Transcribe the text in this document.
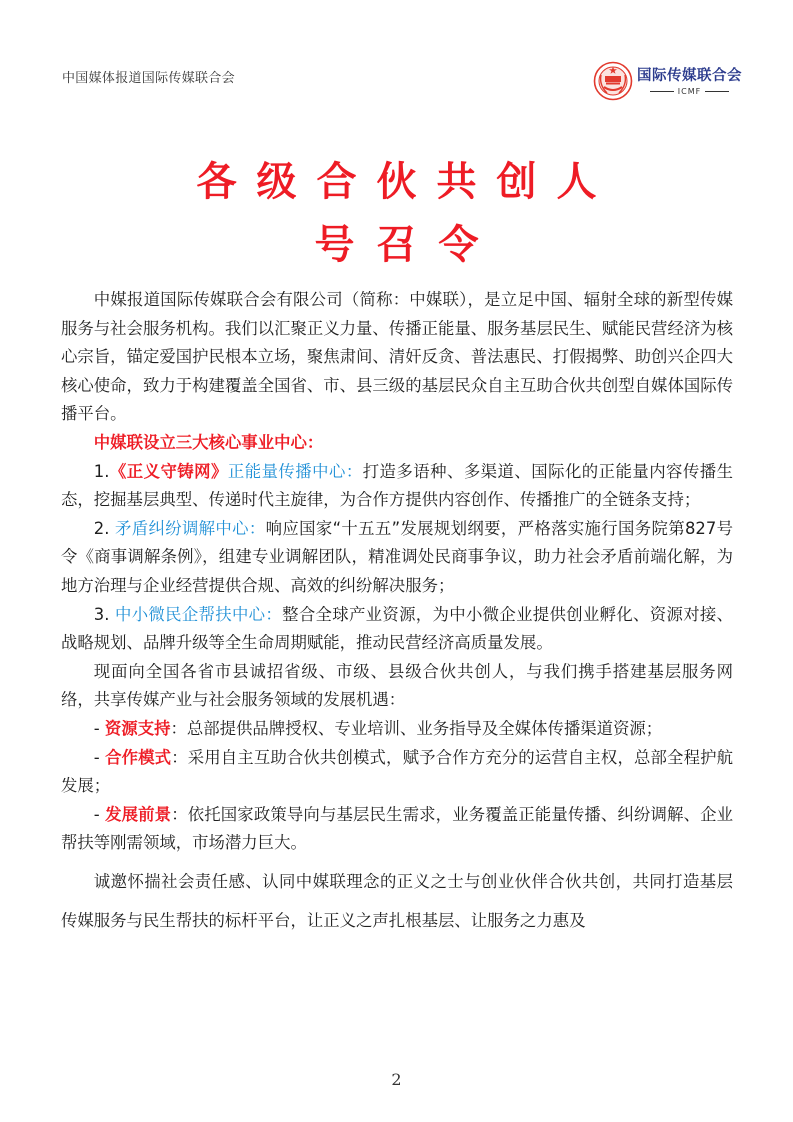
中国媒体报道国际传媒联合会	国际传媒联合会
ICMF
各级合伙共创人
号召令

中媒报道国际传媒联合会有限公司（简称：中媒联），是立足中国、辐射全球的新型传媒服务与社会服务机构。我们以汇聚正义力量、传播正能量、服务基层民生、赋能民营经济为核心宗旨，锚定爱国护民根本立场，聚焦肃间、清奸反贪、普法惠民、打假揭弊、助创兴企四大核心使命，致力于构建覆盖全国省、市、县三级的基层民众自主互助合伙共创型自媒体国际传播平台。

中媒联设立三大核心事业中心：

1.《正义守铸网》正能量传播中心：打造多语种、多渠道、国际化的正能量内容传播生态，挖掘基层典型、传递时代主旋律，为合作方提供内容创作、传播推广的全链条支持；

2. 矛盾纠纷调解中心：响应国家“十五五”发展规划纲要，严格落实施行国务院第827号令《商事调解条例》，组建专业调解团队，精准调处民商事争议，助力社会矛盾前端化解，为地方治理与企业经营提供合规、高效的纠纷解决服务；

3. 中小微民企帮扶中心：整合全球产业资源，为中小微企业提供创业孵化、资源对接、战略规划、品牌升级等全生命周期赋能，推动民营经济高质量发展。

现面向全国各省市县诚招省级、市级、县级合伙共创人，与我们携手搭建基层服务网络，共享传媒产业与社会服务领域的发展机遇：

- 资源支持：总部提供品牌授权、专业培训、业务指导及全媒体传播渠道资源；

- 合作模式：采用自主互助合伙共创模式，赋予合作方充分的运营自主权，总部全程护航发展；

- 发展前景：依托国家政策导向与基层民生需求，业务覆盖正能量传播、纠纷调解、企业帮扶等刚需领域，市场潜力巨大。

诚邀怀揣社会责任感、认同中媒联理念的正义之士与创业伙伴合伙共创，共同打造基层传媒服务与民生帮扶的标杆平台，让正义之声扎根基层、让服务之力惠及

2
